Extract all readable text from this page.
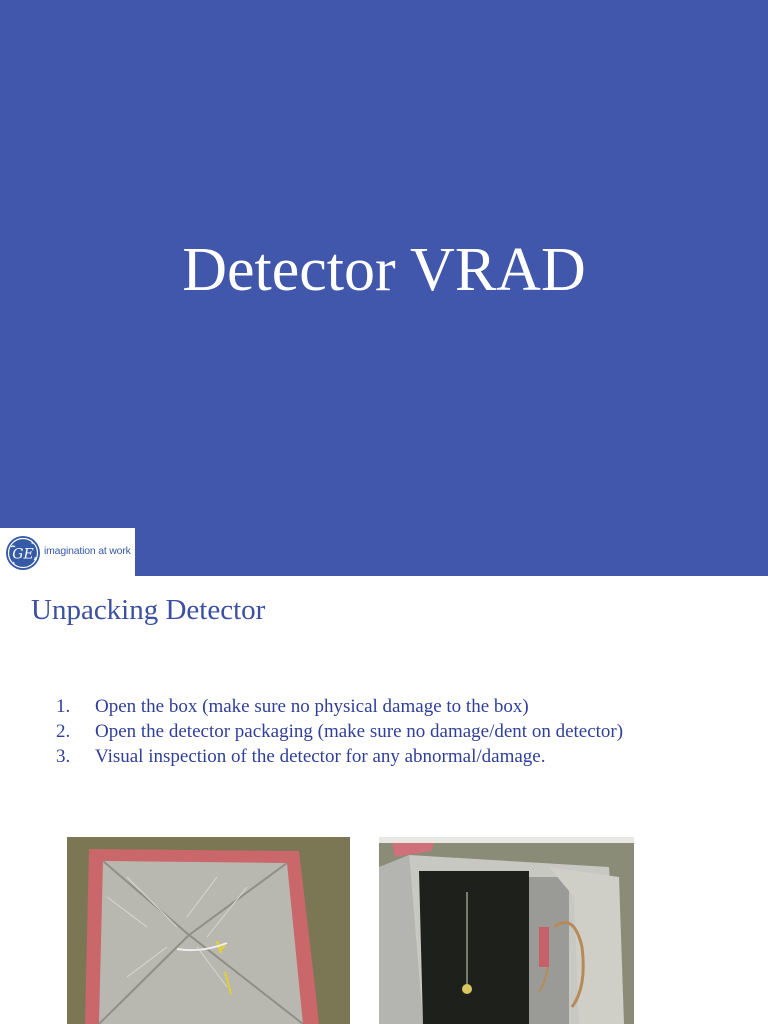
Detector VRAD
GE imagination at work
Unpacking Detector
1. Open the box (make sure no physical damage to the box)
2. Open the detector packaging (make sure no damage/dent on detector)
3. Visual inspection of the detector for any abnormal/damage.
